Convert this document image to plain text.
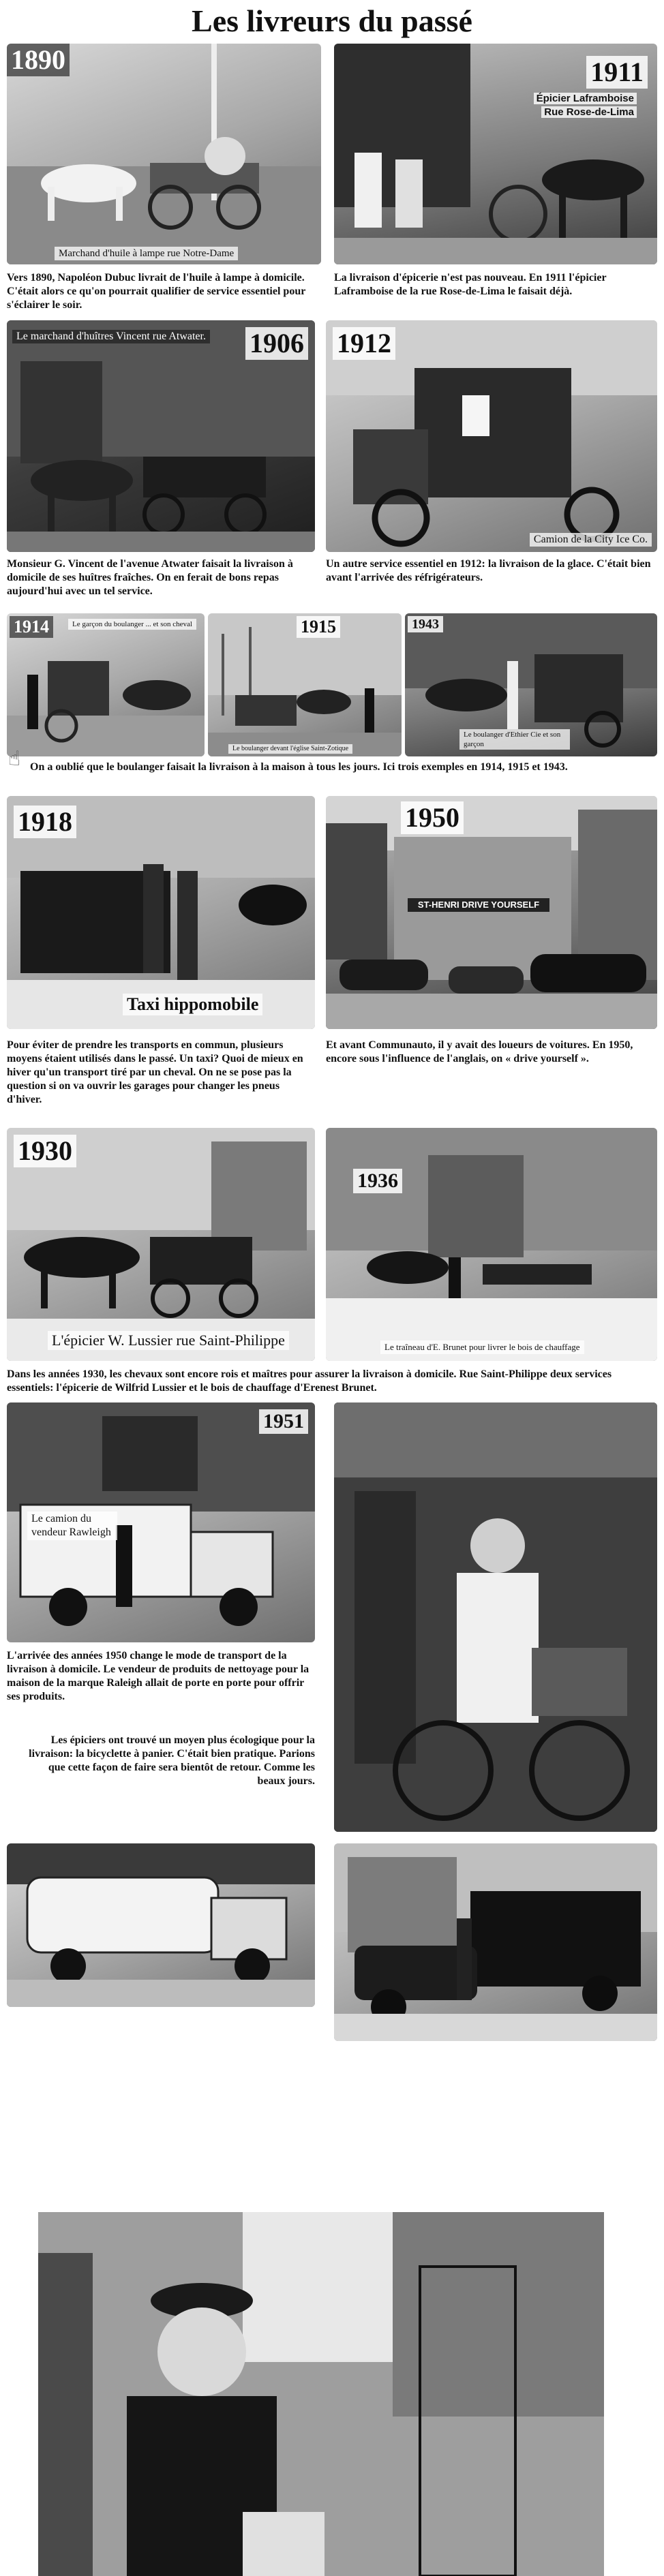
Les livreurs du passé
1890
Marchand d'huile à lampe rue Notre-Dame
Vers 1890, Napoléon Dubuc livrait de l'huile à lampe à domicile. C'était alors ce qu'on pourrait qualifier de service essentiel pour s'éclairer le soir.
1911
Épicier Laframboise
Rue Rose-de-Lima
La livraison d'épicerie n'est pas nouveau. En 1911 l'épicier Laframboise de la rue Rose-de-Lima le faisait déjà.
Le marchand d'huîtres Vincent rue Atwater. 1906
Monsieur G. Vincent de l'avenue Atwater faisait la livraison à domicile de ses huîtres fraîches. On en ferait de bons repas aujourd'hui avec un tel service.
1912
Camion de la City Ice Co.
Un autre service essentiel en 1912: la livraison de la glace. C'était bien avant l'arrivée des réfrigérateurs.
1914	Le garçon du boulanger ... et son cheval	1915
Le boulanger devant l'église Saint-Zotique
1943
Le boulanger d'Ethier Cie et son garçon
☝ On a oublié que le boulanger faisait la livraison à la maison à tous les jours. Ici trois exemples en 1914, 1915 et 1943.
1918
Taxi hippomobile
Pour éviter de prendre les transports en commun, plusieurs moyens étaient utilisés dans le passé. Un taxi? Quoi de mieux en hiver qu'un transport tiré par un cheval. On ne se pose pas la question si on va ouvrir les garages pour changer les pneus d'hiver.
1950
ST-HENRI DRIVE YOURSELF
Et avant Communauto, il y avait des loueurs de voitures. En 1950, encore sous l'influence de l'anglais, on « drive yourself ».
1930
L'épicier W. Lussier rue Saint-Philippe
1936
Le traîneau d'E. Brunet pour livrer le bois de chauffage
Dans les années 1930, les chevaux sont encore rois et maîtres pour assurer la livraison à domicile. Rue Saint-Philippe deux services essentiels: l'épicerie de Wilfrid Lussier et le bois de chauffage d'Erenest Brunet.
1951
Le camion du vendeur Rawleigh
L'arrivée des années 1950 change le mode de transport de la livraison à domicile. Le vendeur de produits de nettoyage pour la maison de la marque Raleigh allait de porte en porte pour offrir ses produits.
Les épiciers ont trouvé un moyen plus écologique pour la livraison: la bicyclette à panier. C'était bien pratique. Parions que cette façon de faire sera bientôt de retour. Comme les beaux jours.
